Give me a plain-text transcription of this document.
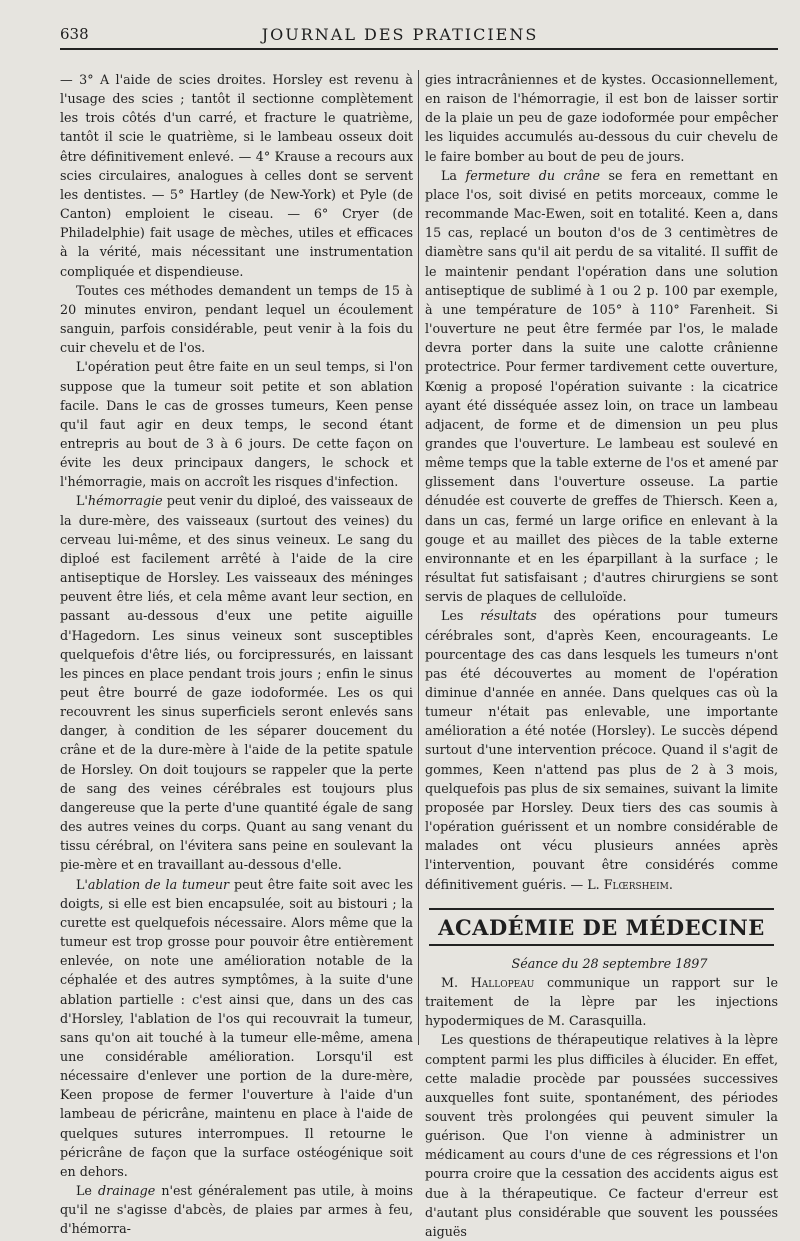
638	JOURNAL DES PRATICIENS

— 3° A l'aide de scies droites. Horsley est revenu à l'usage des scies ; tantôt il sectionne complètement les trois côtés d'un carré, et fracture le quatrième, tantôt il scie le quatrième, si le lambeau osseux doit être définitivement enlevé. — 4° Krause a recours aux scies circulaires, analogues à celles dont se servent les dentistes. — 5° Hartley (de New-York) et Pyle (de Canton) emploient le ciseau. — 6° Cryer (de Philadelphie) fait usage de mèches, utiles et efficaces à la vérité, mais nécessitant une instrumentation compliquée et dispendieuse.

Toutes ces méthodes demandent un temps de 15 à 20 minutes environ, pendant lequel un écoulement sanguin, parfois considérable, peut venir à la fois du cuir chevelu et de l'os.

L'opération peut être faite en un seul temps, si l'on suppose que la tumeur soit petite et son ablation facile. Dans le cas de grosses tumeurs, Keen pense qu'il faut agir en deux temps, le second étant entrepris au bout de 3 à 6 jours. De cette façon on évite les deux principaux dangers, le schock et l'hémorragie, mais on accroît les risques d'infection.

L'hémorragie peut venir du diploé, des vaisseaux de la dure-mère, des vaisseaux (surtout des veines) du cerveau lui-même, et des sinus veineux. Le sang du diploé est facilement arrêté à l'aide de la cire antiseptique de Horsley. Les vaisseaux des méninges peuvent être liés, et cela même avant leur section, en passant au-dessous d'eux une petite aiguille d'Hagedorn. Les sinus veineux sont susceptibles quelquefois d'être liés, ou forcipressurés, en laissant les pinces en place pendant trois jours ; enfin le sinus peut être bourré de gaze iodoformée. Les os qui recouvrent les sinus superficiels seront enlevés sans danger, à condition de les séparer doucement du crâne et de la dure-mère à l'aide de la petite spatule de Horsley. On doit toujours se rappeler que la perte de sang des veines cérébrales est toujours plus dangereuse que la perte d'une quantité égale de sang des autres veines du corps. Quant au sang venant du tissu cérébral, on l'évitera sans peine en soulevant la pie-mère et en travaillant au-dessous d'elle.

L'ablation de la tumeur peut être faite soit avec les doigts, si elle est bien encapsulée, soit au bistouri ; la curette est quelquefois nécessaire. Alors même que la tumeur est trop grosse pour pouvoir être entièrement enlevée, on note une amélioration notable de la céphalée et des autres symptômes, à la suite d'une ablation partielle : c'est ainsi que, dans un des cas d'Horsley, l'ablation de l'os qui recouvrait la tumeur, sans qu'on ait touché à la tumeur elle-même, amena une considérable amélioration. Lorsqu'il est nécessaire d'enlever une portion de la dure-mère, Keen propose de fermer l'ouverture à l'aide d'un lambeau de péricrâne, maintenu en place à l'aide de quelques sutures interrompues. Il retourne le péricrâne de façon que la surface ostéogénique soit en dehors.

Le drainage n'est généralement pas utile, à moins qu'il ne s'agisse d'abcès, de plaies par armes à feu, d'hémorra-

gies intracrâniennes et de kystes. Occasionnellement, en raison de l'hémorragie, il est bon de laisser sortir de la plaie un peu de gaze iodoformée pour empêcher les liquides accumulés au-dessous du cuir chevelu de le faire bomber au bout de peu de jours.

La fermeture du crâne se fera en remettant en place l'os, soit divisé en petits morceaux, comme le recommande Mac-Ewen, soit en totalité. Keen a, dans 15 cas, replacé un bouton d'os de 3 centimètres de diamètre sans qu'il ait perdu de sa vitalité. Il suffit de le maintenir pendant l'opération dans une solution antiseptique de sublimé à 1 ou 2 p. 100 par exemple, à une température de 105° à 110° Farenheit. Si l'ouverture ne peut être fermée par l'os, le malade devra porter dans la suite une calotte crânienne protectrice. Pour fermer tardivement cette ouverture, Kœnig a proposé l'opération suivante : la cicatrice ayant été disséquée assez loin, on trace un lambeau adjacent, de forme et de dimension un peu plus grandes que l'ouverture. Le lambeau est soulevé en même temps que la table externe de l'os et amené par glissement dans l'ouverture osseuse. La partie dénudée est couverte de greffes de Thiersch. Keen a, dans un cas, fermé un large orifice en enlevant à la gouge et au maillet des pièces de la table externe environnante et en les éparpillant à la surface ; le résultat fut satisfaisant ; d'autres chirurgiens se sont servis de plaques de celluloïde.

Les résultats des opérations pour tumeurs cérébrales sont, d'après Keen, encourageants. Le pourcentage des cas dans lesquels les tumeurs n'ont pas été découvertes au moment de l'opération diminue d'année en année. Dans quelques cas où la tumeur n'était pas enlevable, une importante amélioration a été notée (Horsley). Le succès dépend surtout d'une intervention précoce. Quand il s'agit de gommes, Keen n'attend pas plus de 2 à 3 mois, quelquefois pas plus de six semaines, suivant la limite proposée par Horsley. Deux tiers des cas soumis à l'opération guérissent et un nombre considérable de malades ont vécu plusieurs années après l'intervention, pouvant être considérés comme définitivement guéris. — L. Flœrsheim.

ACADÉMIE DE MÉDECINE

Séance du 28 septembre 1897

M. Hallopeau communique un rapport sur le traitement de la lèpre par les injections hypodermiques de M. Carasquilla.

Les questions de thérapeutique relatives à la lèpre comptent parmi les plus difficiles à élucider. En effet, cette maladie procède par poussées successives auxquelles font suite, spontanément, des périodes souvent très prolongées qui peuvent simuler la guérison. Que l'on vienne à administrer un médicament au cours d'une de ces régressions et l'on pourra croire que la cessation des accidents aigus est due à la thérapeutique. Ce facteur d'erreur est d'autant plus considérable que souvent les poussées aiguës
